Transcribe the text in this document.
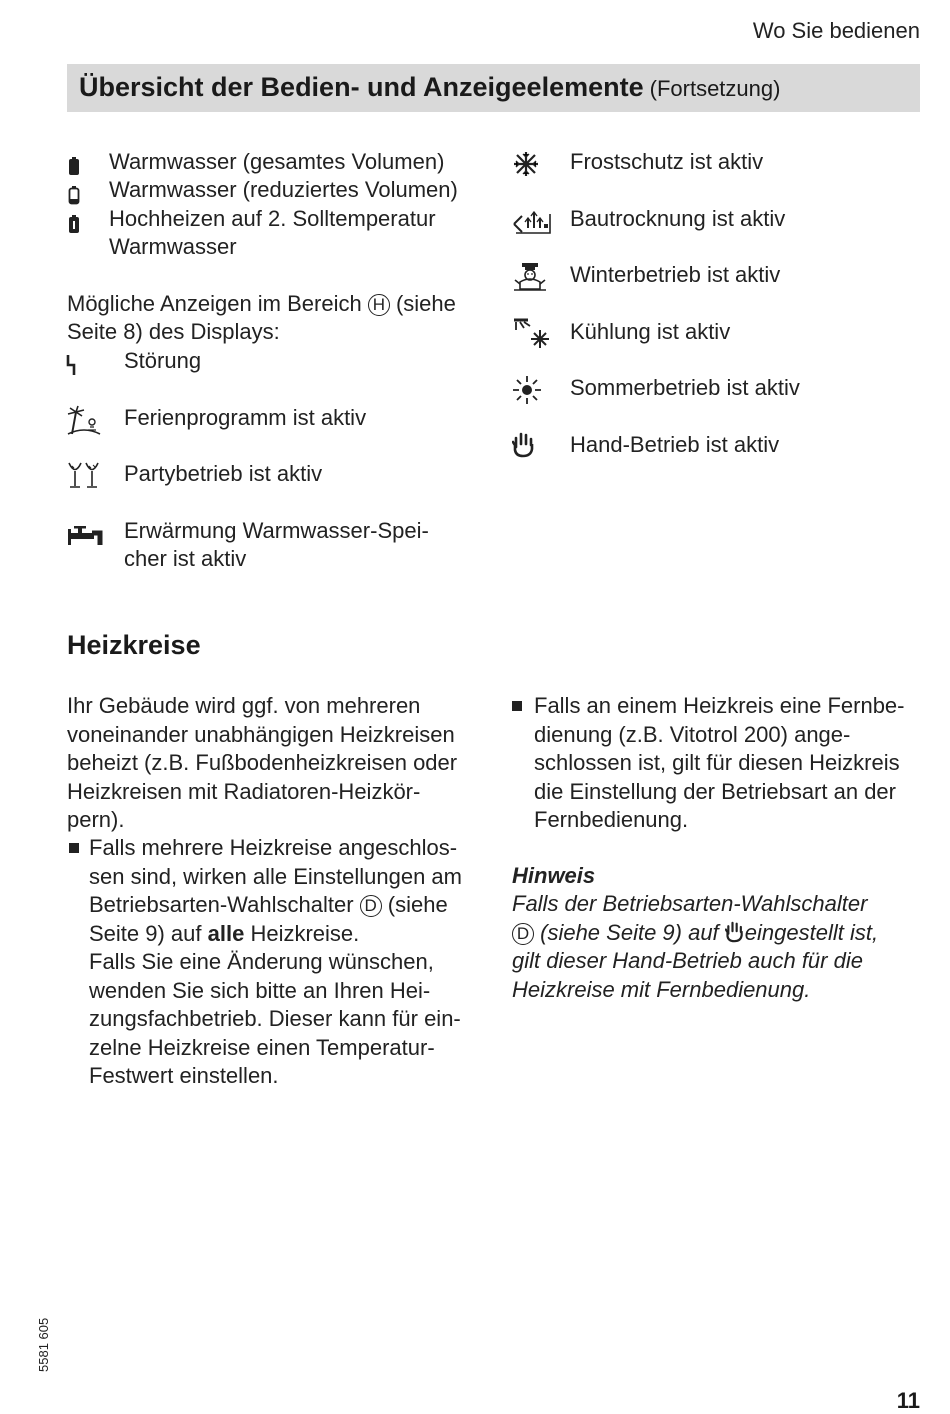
Wo Sie bedienen
Übersicht der Bedien- und Anzeigeelemente (Fortsetzung)
Warmwasser (gesamtes Volumen)
Warmwasser (reduziertes Volumen)
Hochheizen auf 2. Solltemperatur
Warmwasser
Mögliche Anzeigen im Bereich H (siehe
Seite 8) des Displays:
Störung
Ferienprogramm ist aktiv
Partybetrieb ist aktiv
Erwärmung Warmwasser-Spei-
cher ist aktiv
Frostschutz ist aktiv
Bautrocknung ist aktiv
Winterbetrieb ist aktiv
Kühlung ist aktiv
Sommerbetrieb ist aktiv
Hand-Betrieb ist aktiv
Heizkreise
Ihr Gebäude wird ggf. von mehreren
voneinander unabhängigen Heizkreisen
beheizt (z.B. Fußbodenheizkreisen oder
Heizkreisen mit Radiatoren-Heizkör-
pern).
Falls mehrere Heizkreise angeschlos-
sen sind, wirken alle Einstellungen am
Betriebsarten-Wahlschalter D (siehe
Seite 9) auf alle Heizkreise.
Falls Sie eine Änderung wünschen,
wenden Sie sich bitte an Ihren Hei-
zungsfachbetrieb. Dieser kann für ein-
zelne Heizkreise einen Temperatur-
Festwert einstellen.
Falls an einem Heizkreis eine Fernbe-
dienung (z.B. Vitotrol 200) ange-
schlossen ist, gilt für diesen Heizkreis
die Einstellung der Betriebsart an der
Fernbedienung.
Hinweis
Falls der Betriebsarten-Wahlschalter
D (siehe Seite 9) auf eingestellt ist,
gilt dieser Hand-Betrieb auch für die
Heizkreise mit Fernbedienung.
5581 605
11
